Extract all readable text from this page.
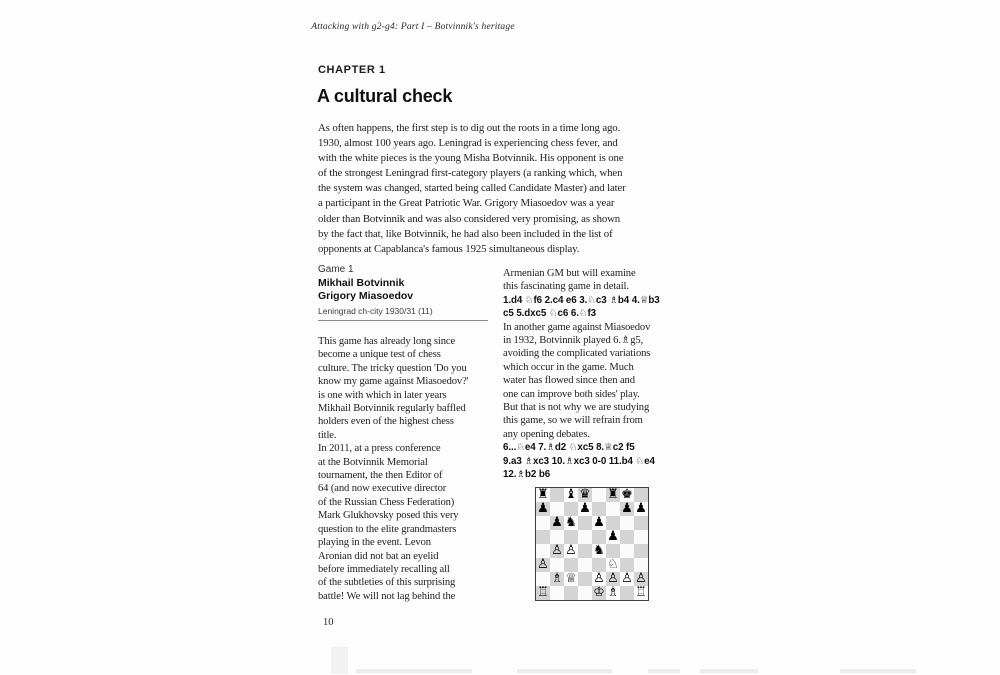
Attacking with g2-g4: Part I – Botvinnik's heritage
CHAPTER 1
A cultural check
As often happens, the first step is to dig out the roots in a time long ago.
1930, almost 100 years ago. Leningrad is experiencing chess fever, and
with the white pieces is the young Misha Botvinnik. His opponent is one
of the strongest Leningrad first-category players (a ranking which, when
the system was changed, started being called Candidate Master) and later
a participant in the Great Patriotic War. Grigory Miasoedov was a year
older than Botvinnik and was also considered very promising, as shown
by the fact that, like Botvinnik, he had also been included in the list of
opponents at Capablanca's famous 1925 simultaneous display.
Game 1
Mikhail Botvinnik
Grigory Miasoedov
Leningrad ch-city 1930/31 (11)
This game has already long since
become a unique test of chess
culture. The tricky question 'Do you
know my game against Miasoedov?'
is one with which in later years
Mikhail Botvinnik regularly baffled
holders even of the highest chess
title.
In 2011, at a press conference
at the Botvinnik Memorial
tournament, the then Editor of
64 (and now executive director
of the Russian Chess Federation)
Mark Glukhovsky posed this very
question to the elite grandmasters
playing in the event. Levon
Aronian did not bat an eyelid
before immediately recalling all
of the subtleties of this surprising
battle! We will not lag behind the
Armenian GM but will examine
this fascinating game in detail.
1.d4 ♘f6 2.c4 e6 3.♘c3 ♗b4 4.♕b3
c5 5.dxc5 ♘c6 6.♘f3
In another game against Miasoedov
in 1932, Botvinnik played 6.♗g5,
avoiding the complicated variations
which occur in the game. Much
water has flowed since then and
one can improve both sides' play.
But that is not why we are studying
this game, so we will refrain from
any opening debates.
6...♘e4 7.♗d2 ♘xc5 8.♕c2 f5
9.a3 ♗xc3 10.♗xc3 0-0 11.b4 ♘e4
12.♗b2 b6
♜ ♝ ♛ ♜ ♚
♟ ♟ ♟ ♟
♟ ♞ ♟
♟
♙ ♙ ♞
♙	♘
♗ ♕ ♙ ♙ ♙ ♙
♖	♔ ♗ ♖
10
